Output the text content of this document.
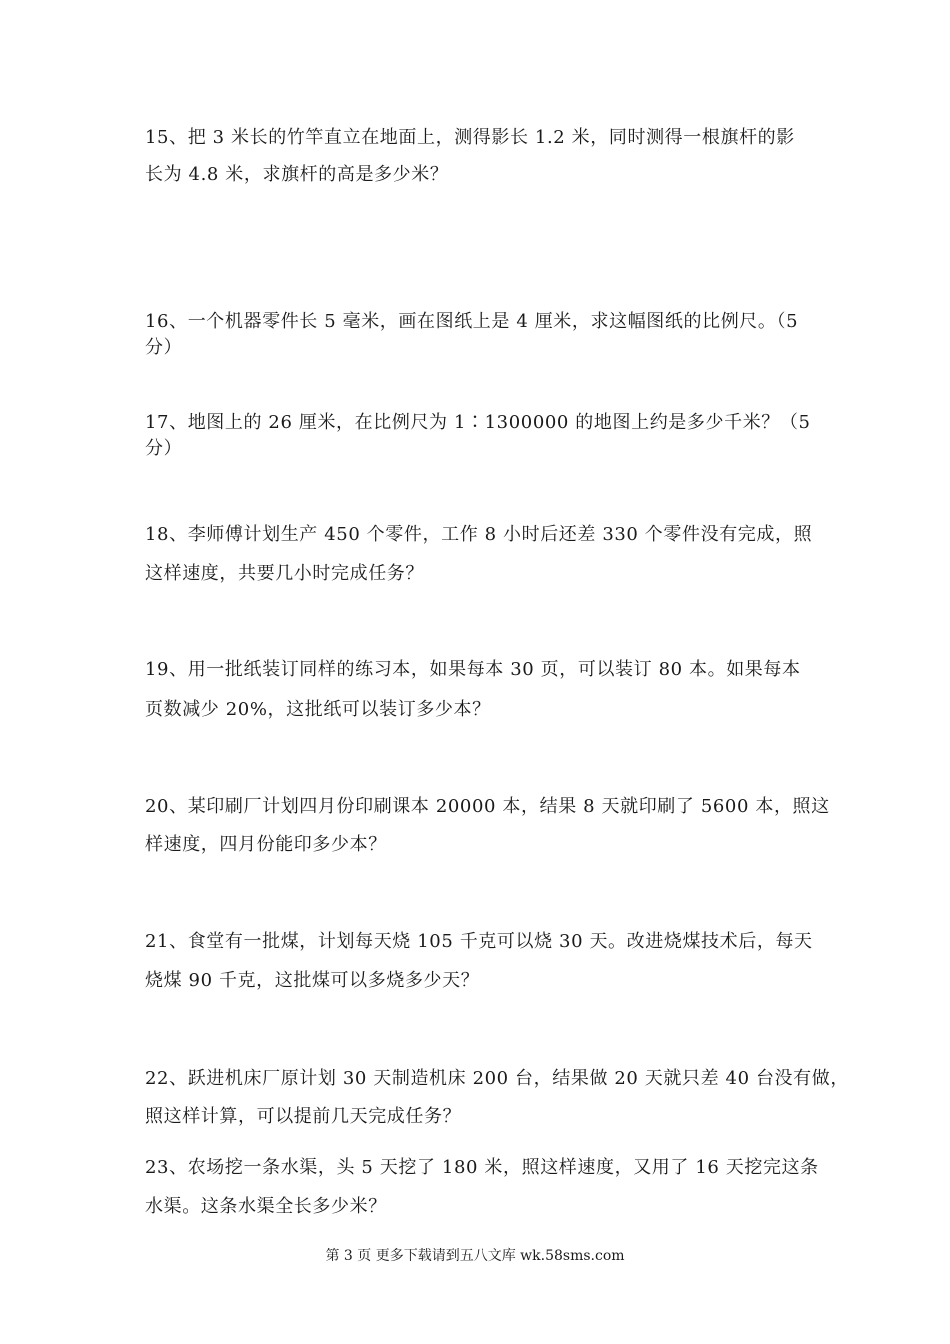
15、把 3 米长的竹竿直立在地面上，测得影长 1.2 米，同时测得一根旗杆的影
长为 4.8 米，求旗杆的高是多少米？
16、一个机器零件长 5 毫米，画在图纸上是 4 厘米，求这幅图纸的比例尺。（5
分）
17、地图上的 26 厘米，在比例尺为 1∶1300000 的地图上约是多少千米？（5
分）
18、李师傅计划生产 450 个零件，工作 8 小时后还差 330 个零件没有完成，照
这样速度，共要几小时完成任务？
19、用一批纸装订同样的练习本，如果每本 30 页，可以装订 80 本。如果每本
页数减少 20%，这批纸可以装订多少本？
20、某印刷厂计划四月份印刷课本 20000 本，结果 8 天就印刷了 5600 本，照这
样速度，四月份能印多少本？
21、食堂有一批煤，计划每天烧 105 千克可以烧 30 天。改进烧煤技术后，每天
烧煤 90 千克，这批煤可以多烧多少天？
22、跃进机床厂原计划 30 天制造机床 200 台，结果做 20 天就只差 40 台没有做，
照这样计算，可以提前几天完成任务？
23、农场挖一条水渠，头 5 天挖了 180 米，照这样速度，又用了 16 天挖完这条
水渠。这条水渠全长多少米？
第 3 页 更多下载请到五八文库 wk.58sms.com
